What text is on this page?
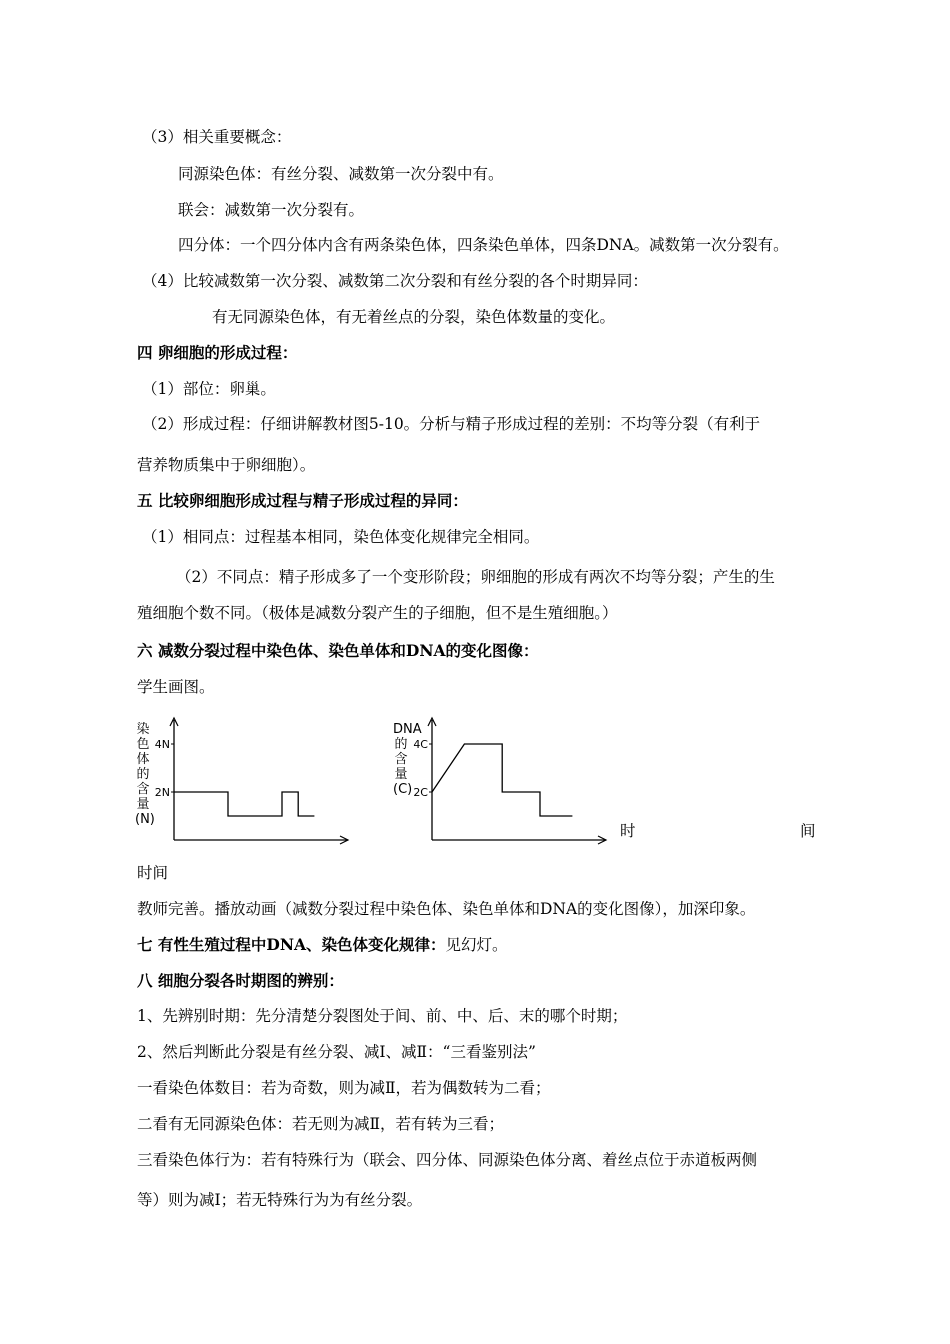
（3）相关重要概念：
同源染色体：有丝分裂、减数第一次分裂中有。
联会：减数第一次分裂有。
四分体：一个四分体内含有两条染色体，四条染色单体，四条DNA。减数第一次分裂有。
（4）比较减数第一次分裂、减数第二次分裂和有丝分裂的各个时期异同：
有无同源染色体，有无着丝点的分裂，染色体数量的变化。
四 卵细胞的形成过程：
（1）部位：卵巢。
（2）形成过程：仔细讲解教材图5-10。分析与精子形成过程的差别：不均等分裂（有利于
营养物质集中于卵细胞）。
五 比较卵细胞形成过程与精子形成过程的异同：
（1）相同点：过程基本相同，染色体变化规律完全相同。
（2）不同点：精子形成多了一个变形阶段；卵细胞的形成有两次不均等分裂；产生的生
殖细胞个数不同。（极体是减数分裂产生的子细胞，但不是生殖细胞。）
六 减数分裂过程中染色体、染色单体和DNA的变化图像：
学生画图。
染色体的含量(N)
4N
2N
DNA的含量(C)
4C
2C
时	间
时间
教师完善。播放动画（减数分裂过程中染色体、染色单体和DNA的变化图像），加深印象。
七 有性生殖过程中DNA、染色体变化规律：见幻灯。
八 细胞分裂各时期图的辨别：
1、先辨别时期：先分清楚分裂图处于间、前、中、后、末的哪个时期；
2、然后判断此分裂是有丝分裂、减Ⅰ、减Ⅱ：“三看鉴别法”
一看染色体数目：若为奇数，则为减Ⅱ，若为偶数转为二看；
二看有无同源染色体：若无则为减Ⅱ，若有转为三看；
三看染色体行为：若有特殊行为（联会、四分体、同源染色体分离、着丝点位于赤道板两侧
等）则为减Ⅰ；若无特殊行为为有丝分裂。
